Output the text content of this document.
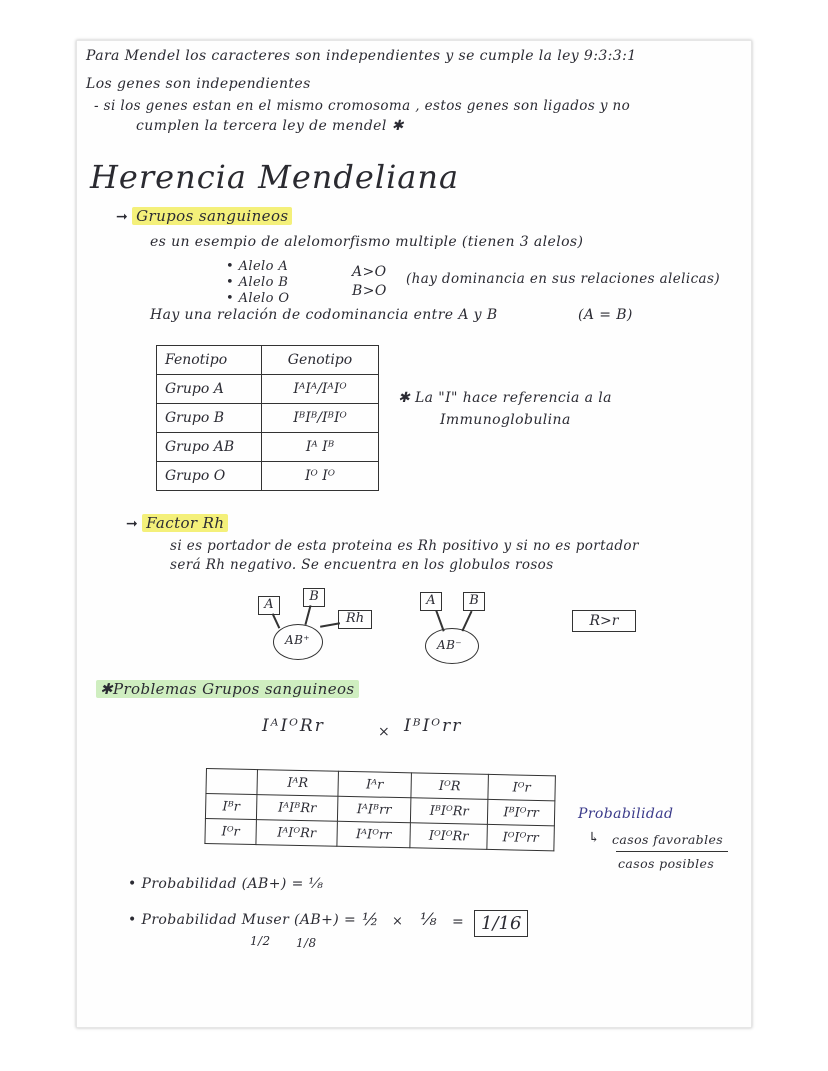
Para Mendel los caracteres son independientes y se cumple la ley 9:3:3:1
Los genes son independientes
- si los genes estan en el mismo cromosoma , estos genes son ligados y no
cumplen la tercera ley de mendel ✱
Herencia Mendeliana
➞ Grupos sanguineos
es un esempio de alelomorfismo multiple (tienen 3 alelos)
• Alelo A
• Alelo B
• Alelo O
A>O
B>O
(hay dominancia en sus relaciones alelicas)
Hay una relación de codominancia entre A y B	(A = B)
Fenotipo	Genotipo
Grupo A	IᴬIᴬ/IᴬIᴼ
Grupo B	IᴮIᴮ/IᴮIᴼ
Grupo AB	Iᴬ Iᴮ
Grupo O	Iᴼ Iᴼ
✱ La "I" hace referencia a la
Immunoglobulina
➞ Factor Rh
si es portador de esta proteina es Rh positivo y si no es portador
será Rh negativo. Se encuentra en los globulos rosos
A
B
Rh
AB⁺
A	B
AB⁻
R>r
✱Problemas Grupos sanguineos
IᴬIᴼRr	× IᴮIᴼrr
	IᴬR	Iᴬr	IᴼR	Iᴼr
Iᴮr	IᴬIᴮRr	IᴬIᴮrr	IᴮIᴼRr	IᴮIᴼrr
Iᴼr	IᴬIᴼRr	IᴬIᴼrr	IᴼIᴼRr	IᴼIᴼrr
Probabilidad
↳ casos favorables
casos posibles
• Probabilidad (AB+) = ¹⁄₈
• Probabilidad Muser (AB+) = ½ × ⅛ = 1/16
1/2 1/8
